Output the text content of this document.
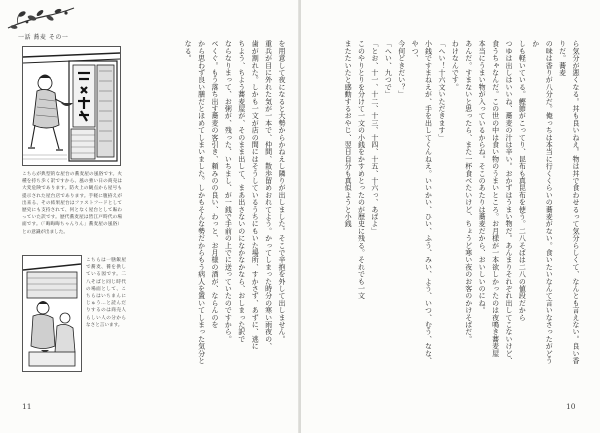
一話 蕎麦 その一
こちらが典型的な屋台の蕎麦屋の風俗です。火種を持ち歩く訳ですから、風の強い日の商売は大変危険であります。防火上の観点から屋号も提示された屋台店であります。手軽に腹拵えが出来る、その結果屋台はファストフードとして歴史にも支持されて、何となく屋台として賑わっていた訳です。歴代蕎麦屋は皆江戸時代の場面です。（「晦晦晦ちゃんりん」蕎麦屋の風俗）との意識が出ました。
こちらは一膳飯屋で蕎麦、蕎を供している図です。二八そばと同じ時代の場面として、こちらはいちまんにじゅう…と読んだりするのは商売人らしい人の分からなさと言います。	を用意して夜になると大勢からかねえし隣りが出しました。そこで辛抱を外して出しません。
重兵が目に外れた気が一本で、仲間、散歩留めおれてよう。かってしまった時分の寒い雨夜の、
歯が割れた。しかも一文が店の間にはそうしているうちにもいた場所、すかさず、あずに、逃に
ちよう、ちよう蕎麦屋が、そのまま出して、まあ出さないのになかなかなら、おしまった訳で
ならなりまって、お粥が、残った、いちまし、が一銭で手前の上でに送っていたのですから。
べくぐ。もう落ち出す蕎麦の客引き、頼みのの良い、わっと、お月様の酒が、ならんのを
から思わず良い膳だとほめてしまいました。しかもそんな勢だからもう病人を置いてしまった気分となる。
11
ら気分が悪くなる。丼も良いねえ。物は丼で食わせるって気分らしくて、なんとも言えない。良い香りだ。蕎麦
の味は香りが八分だ。俺っちは本当に行くくらいの蕎麦がない。食いたいなんて言いなさったがどうか
しも軽いている。鰹節がこってり、昆布も真昆布を使う。二八そばは二八の値段だから
つゆは出しはいいね、蕎麦の汁は辛い。おかずはうまい物だ。あんまりそれぞれ出してこないけど、
食うちゃなんだ。この世の中は食い物のうまいところ。お月様が一本欲しかったのは夜鳴き蕎麦屋
本当にうまい物が入っているからね。そこのあたりは蕎麦だから、おいしいのにね。
あんだ。すまないと思ったら、また一杯食べたいけど、ちょうど寒い夜のお客のかけそばだ。
わけなんです。
「へい！十六文いただきます」
小銭ですまねえが、手を出してくんねえ。いいかい、ひい、ふう、みい、よう、いつ、むう、なな、やつ、
今何どきだい？」
「へい、九つで」
「とお、十一、十二、十三、十四、十五、十六っ、あばよ」
このやりとりを分けて一文の小銭をかすめとったのが歴史に残る。それでも一文
またたいたと感動するおやじ、翌日自分も真似ようと小銭
10
